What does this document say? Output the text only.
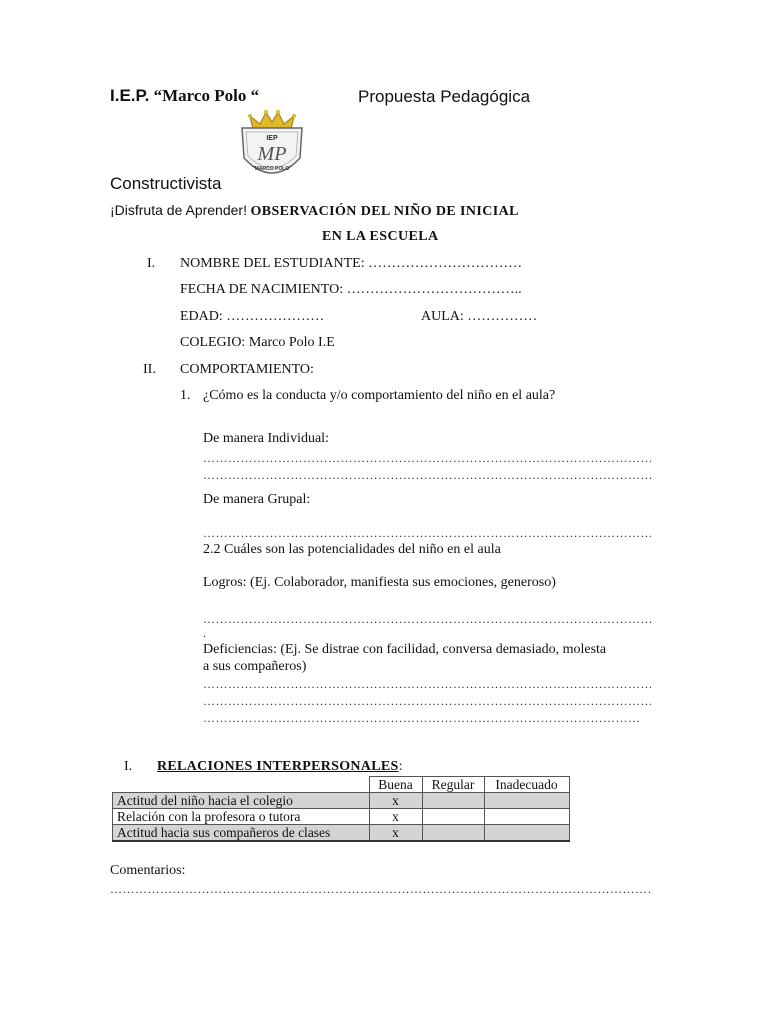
I.E.P. “Marco Polo “	Propuesta Pedagógica
IEP
MP
"MARCO POLO"
Constructivista
¡Disfruta de Aprender! OBSERVACIÓN DEL NIÑO DE INICIAL
EN LA ESCUELA
I. NOMBRE DEL ESTUDIANTE: ……………………………
FECHA DE NACIMIENTO: ………………………………..
EDAD: …………………	AULA: ……………
COLEGIO: Marco Polo I.E
II. COMPORTAMIENTO:
1. ¿Cómo es la conducta y/o comportamiento del niño en el aula?
De manera Individual:
……………………………………………………………………………………………………………………………………………
……………………………………………………………………………………………………………………………………………
De manera Grupal:
……………………………………………………………………………………………………………………………………………
2.2 Cuáles son las potencialidades del niño en el aula
Logros: (Ej. Colaborador, manifiesta sus emociones, generoso)
……………………………………………………………………………………………………………………………………………
.
Deficiencias: (Ej. Se distrae con facilidad, conversa demasiado, molesta
a sus compañeros)
……………………………………………………………………………………………………………………………………………
……………………………………………………………………………………………………………………………………………
……………………………………………………………………………………………………………………………………………
I. RELACIONES INTERPERSONALES:
	Buena	Regular	Inadecuado
Actitud del niño hacia el colegio	x		
Relación con la profesora o tutora	x		
Actitud hacia sus compañeros de clases	x		
Comentarios:
……………………………………………………………………………………………………………………………………………
